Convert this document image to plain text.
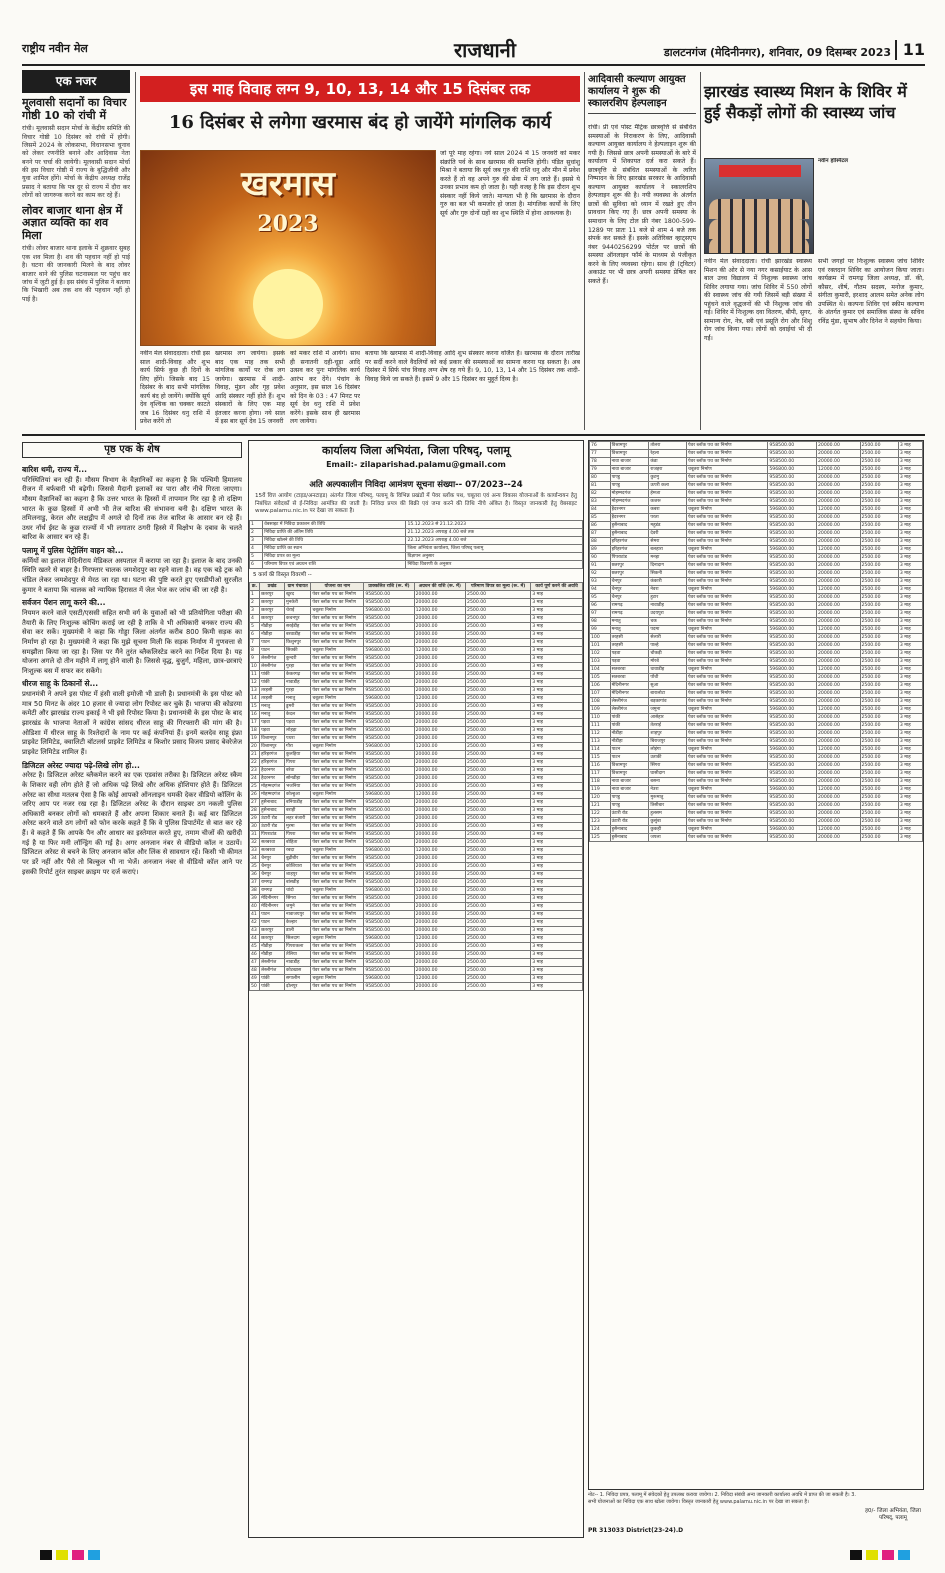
राष्ट्रीय नवीन मेल	राजधानी	डालटनगंज (मेदिनीनगर), शनिवार, 09 दिसम्बर 2023 11
एक नजर
मूलवासी सदानों का विचार गोष्ठी 10 को रांची में

रांची। मूलवासी सदान मोर्चा के केंद्रीय समिति की विचार गोष्ठी 10 दिसंबर को रांची में होगी। जिसमें 2024 के लोकसभा, विधानसभा चुनाव को लेकर रणनीति बनाने और आदिवास नेता बनने पर चर्चा की जायेगी। मूलवासी सदान मोर्चा की इस विचार गोष्ठी में राज्य के बुद्धिजीवी और युवा शामिल होंगे। मोर्चा के केंद्रीय अध्यक्ष राजेंद्र प्रसाद ने बताया कि पत्र दूर से राज्य में दौरा कर लोगों को जागरूक करने का काम कर रहे हैं।

लोवर बाजार थाना क्षेत्र में अज्ञात व्यक्ति का शव मिला

रांची। लोवर बाजार थाना इलाके में शुक्रवार सुबह एक शव मिला है। शव की पहचान नहीं हो पाई है। घटना की जानकारी मिलने के बाद लोवर बाजार थाने की पुलिस घटनास्थल पर पहुंच कर जांच में जुटी हुई है। इस संबंध में पुलिस ने बताया कि भिखारी अब तक शव की पहचान नहीं हो पाई है।

इस माह विवाह लग्न 9, 10, 13, 14 और 15 दिसंबर तक
16 दिसंबर से लगेगा खरमास बंद हो जायेंगे मांगलिक कार्य
खरमास
2023

जो पूरे माह रहेगा। नये साल 2024 में 15 जनवरी को मकर संक्रांति पर्व के साथ खरमास की समाप्ति होगी। पंडित सुधांशु मिश्रा ने बताया कि सूर्य जब गुरु की राशि धनु और मीन में प्रवेश करते हैं तो वह अपने गुरु की सेवा में लग जाते हैं। इससे ये उनका प्रभाव कम हो जाता है। यही वजह है कि इस दौरान शुभ संस्कार नहीं किये जाते। मान्यता भी है कि खरमास के दौरान गुरु का बल भी कमजोर हो जाता है। मांगलिक कार्यों के लिए सूर्य और गुरु दोनों ग्रहों का शुभ स्थिति में होना आवश्यक है।

नवीन मेल संवाददाता। रांची इस साल शादी-विवाह और शुभ कार्य सिर्फ कुछ ही दिनों के लिए होंगे। जिसके बाद 15 दिसंबर के बाद सभी मांगलिक कार्य बंद हो जायेंगे। क्योंकि सूर्य देव वृश्चिक का चक्कर काटते जब 16 दिसंबर धनु राशि में प्रवेश करेंगे तो

खरमास लग जायेगा। इसके बाद एक माह तक सभी मांगलिक कार्यों पर रोक लग जायेगा। खरमास में शादी-विवाह, मुंडन और गृह प्रवेश आदि संस्कार नहीं होते हैं। शुभ संस्कारों के लिए एक माह इंतजार करना होगा। नये साल में इस बार सूर्य देव 15 जनवरी

को मकर राशि में आयेंगे। साथ ही सनातनी दही-चूड़ा आदि उत्सव कर पुनः मांगलिक कार्य आरंभ कर देंगे। पंचांग के अनुसार, इस साल 16 दिसंबर को दिन के 03 : 47 मिनट पर सूर्य देव धनु राशि में प्रवेश करेंगे। इसके साथ ही खरमास लग जायेगा।

बताया कि खरमास में शादी-विवाह आदि शुभ संस्कार करना वर्जित है। खरमास के दौरान तारीख पर सर्दी करने वाले वैदलियों को कई प्रकार की समस्याओं का सामना करना पड़ सकता है। अब दिसंबर में सिर्फ पांच विवाह लग्न शेष रह गये हैं। 9, 10, 13, 14 और 15 दिसंबर तक शादी-विवाह किये जा सकते हैं। इसमें 9 और 15 दिसंबर का मुहूर्त दिव्य है।

आदिवासी कल्याण आयुक्त कार्यालय ने शुरू की स्कालरशिप हेल्पलाइन

रांची। प्री एवं पोस्ट मैट्रिक छात्रवृत्ति से संबंधित समस्याओं के निराकरण के लिए, आदिवासी कल्याण आयुक्त कार्यालय ने हेल्पलाइन शुरू की गयी है। जिससे छात्र अपनी समस्याओं के बारे में कार्यालय में शिकायत दर्ज करा सकते हैं। छात्रवृत्ति से संबंधित समस्याओं के त्वरित निष्पादन के लिए झारखंड सरकार के आदिवासी कल्याण आयुक्त कार्यालय ने स्कालरशिप हेल्पलाइन शुरू की है। नयी व्यवस्था के अंतर्गत छात्रों की सुविधा को ध्यान में रखते हुए तीन प्रावधान किए गए हैं। छात्र अपनी समस्या के समाधान के लिए टोल फ्री नंबर 1800-599-1289 पर प्रातः 11 बजे से शाम 4 बजे तक संपर्क कर सकते हैं। इसके अतिरिक्त व्हाट्सएप नंबर 9440256299 पोर्टल पर छात्रों की समस्या ऑनलाइन फॉर्म के माध्यम से पंजीकृत करने के लिए व्यवस्था रहेगा। साथ ही (ट्विटर) अकाउंट पर भी छात्र अपनी समस्या प्रेषित कर सकते हैं।

झारखंड स्वास्थ्य मिशन के शिविर में हुई सैकड़ों लोगों की स्वास्थ्य जांच

नवीन हॉस्पिटल

नवीन मेल संवाददाता। रांची झारखंड स्वास्थ्य मिशन की ओर से नया नगर कसाईयाट के आस बाल उच्च विद्यालय में निशुल्क स्वास्थ्य जांच शिविर लगाया गया। जांच शिविर में 550 लोगों की स्वास्थ्य जांच की गयी जिसमें बड़ी संख्या में पहुंचने वाले वृद्धजनों की भी निशुल्क जांच की गई। शिविर में निःशुल्क दवा वितरण, बीपी, सुगर, सामान्य रोग, नेत्र, स्त्री एवं प्रसूति रोग और शिशु रोग जांच किया गया। लोगों को दवाईयां भी दी गईं।

सभी जगहों पर निःशुल्क स्वास्थ्य जांच शिविर एवं रक्तदान शिविर का आयोजन किया जाता। कार्यक्रम में रामगढ़ जिला अध्यक्ष, डॉ. की, कौसर, शीर्ष, गौतम सदस्य, मनोज कुमार, संगीता कुमारी, इरशाद आलम समेत अनेक लोग उपस्थित थे। कल्पना शिविर एवं स्कीम कल्याण के अंतर्गत कुमार एवं समाजिक संस्था के सचिव रविंद्र मुंडा, सुभाष और दिनेश ने सहयोग किया।

पृष्ठ एक के शेष
बारिश थमी, राज्य में...

परिस्थितियां बन रही हैं। मौसम विभाग के वैज्ञानिकों का कहना है कि पश्चिमी हिमालय रीजन में बर्फबारी भी बढ़ेगी। जिससे मैदानी इलाकों का पारा और नीचे गिरता जाएगा। मौसम वैज्ञानिकों का कहना है कि उत्तर भारत के हिस्सों में तापमान गिर रहा है तो दक्षिण भारत के कुछ हिस्सों में अभी भी तेज बारिश की संभावना बनी है। दक्षिण भारत के तमिलनाडु, केरल और लक्षद्वीप में अगले दो दिनों तक तेज बारिश के आसार बन रहे हैं। उधर नॉर्थ ईस्ट के कुछ राज्यों में भी लगातार ठगरी हिस्से में विक्षोभ के दबाव के चलते बारिश के आसार बन रहे हैं।

पलामू में पुलिस पेट्रोलिंग वाहन को...

कर्मियों का इलाज मेदिनीराय मेडिकल अस्पताल में कराया जा रहा है। इलाज के बाद उनकी स्थिति खतरे से बाहर है। गिरफ्तार चालक जमशेदपुर का रहने वाला है। वह एक बड़े ट्रक को चंडिल लेकर जमशेदपुर से मेरठ जा रहा था। घटना की पुष्टि करते हुए एसडीपीओ सुरजीत कुमार ने बताया कि चालक को न्यायिक हिरासत में जेल भेज कर जांच की जा रही है।

सर्वजन पेंशन लागू करने की...

नियमन करने वाले एसटी/एससी सहित सभी वर्ग के युवाओं को भी प्रतियोगिता परीक्षा की तैयारी के लिए निःशुल्क कोचिंग कराई जा रही है ताकि वे भी अधिकारी बनकर राज्य की सेवा कर सकें। मुख्यमंत्री ने कहा कि गोड्डा जिला अंतर्गत करीब 800 किमी सड़क का निर्माण हो रहा है। मुख्यमंत्री ने कहा कि मुझे सूचना मिली कि सड़क निर्माण में गुणवत्ता से समझौता किया जा रहा है। जिस पर मैंने तुरंत ब्लैकलिस्टेड करने का निर्देश दिया है। यह योजना अगले दो तीन महीने में लागू होने वाली है। जिससे वृद्ध, बुजुर्ग, महिला, छात्र-छात्राएं निःशुल्क बस में सफर कर सकेंगे।

धीरज साहू के ठिकानों से...

प्रधानमंत्री ने अपने इस पोस्ट में हंसी वाली इमोजी भी डाली है। प्रधानमंत्री के इस पोस्ट को मात्र 50 मिनट के अंदर 10 हजार से ज्यादा लोग रिपोस्ट कर चुके हैं। भाजपा की कोडरमा कमेटी और झारखंड राज्य इकाई ने भी इसे रिपोस्ट किया है। प्रधानमंत्री के इस पोस्ट के बाद झारखंड के भाजपा नेताओं ने कांग्रेस सांसद धीरज साहू की गिरफ्तारी की मांग की है। ओडिशा में धीरज साहू के रिश्तेदारों के नाम पर कई कंपनियां हैं। इनमें बलदेव साहू इंफ्रा प्राइवेट लिमिटेड, क्वालिटी बॉटलर्स प्राइवेट लिमिटेड व किशोर प्रसाद विजय प्रसाद बेवरेजेज प्राइवेट लिमिटेड शामिल हैं।

डिजिटल अरेस्ट ज्यादा पढ़े-लिखे लोग हो...

अरेस्ट है। डिजिटल अरेस्ट ब्लैकमेल करने का एक एडवांस तरीका है। डिजिटल अरेस्ट स्कैम के शिकार वही लोग होते हैं जो अधिक पढ़े लिखे और अधिक होशियार होते हैं। डिजिटल अरेस्ट का सीधा मतलब ऐसा है कि कोई आपको ऑनलाइन धमकी देकर वीडियो कॉलिंग के जरिए आप पर नजर रख रहा है। डिजिटल अरेस्ट के दौरान साइबर ठग नकली पुलिस अधिकारी बनकर लोगों को धमकाते हैं और अपना शिकार बनाते हैं। कई बार डिजिटल अरेस्ट करने वाले ठग लोगों को फोन करके कहते हैं कि वे पुलिस डिपार्टमेंट से बात कर रहे हैं। वे कहते हैं कि आपके पैन और आधार का इस्तेमाल करते हुए, तमाम चीजों की खरीदी गई है या फिर मनी लॉन्ड्रिंग की गई है। अगर अनजान नंबर से वीडियो कॉल न उठायें। डिजिटल अरेस्ट से बचने के लिए अनजान कॉल और लिंक से सावधान रहें। किसी भी कीमत पर डरें नहीं और पैसे तो बिल्कुल भी ना भेजें। अनजान नंबर से वीडियो कॉल आने पर इसकी रिपोर्ट तुरंत साइबर क्राइम पर दर्ज कराएं।

कार्यालय जिला अभियंता, जिला परिषद्, पलामू
Email:- zilaparishad.palamu@gmail.com
अति अल्पकालीन निविदा आमंत्रण सूचना संख्या-- 07/2023--24
15वें वित्त आयोग (टाइड/अनटाइड) अंतर्गत जिला परिषद्, पलामू के विभिन्न प्रखंडों में पेवर ब्लॉक पथ, चबूतरा एवं अन्य विकास योजनाओं के कार्यान्वयन हेतु निबंधित संवेदकों से ई-निविदा आमंत्रित की जाती है। निविदा प्रपत्र की बिक्री एवं जमा करने की तिथि नीचे अंकित है। विस्तृत जानकारी हेतु वेबसाइट www.palamu.nic.in पर देखा जा सकता है।
1	वेबसाइट में निविदा प्रकाशन की तिथि	15.12.2023 से 21.12.2023
2	निविदा प्राप्ति की अंतिम तिथि	21.12.2023 अपराह्न 4.00 बजे तक
3	निविदा खोलने की तिथि	22.12.2023 अपराह्न 4.00 बजे
4	निविदा प्राप्ति का स्थान	जिला अभियंता कार्यालय, जिला परिषद् पलामू
5	निविदा प्रपत्र का मूल्य	विज्ञापन अनुसार
6	परिमाण विपत्र एवं अग्रधन राशि	निविदा विवरणी के अनुसार
5 कार्य की विस्तृत विवरणी --
क्र.	प्रखंड	ग्राम पंचायत	योजना का नाम	प्राक्कलित राशि (रू. में)	अग्रधन की राशि (रू. में)	परिमाण विपत्र का मूल्य (रू. में)	कार्य पूर्ण करने की अवधि
1	छतरपुर	खुरद	पेवर ब्लॉक पथ का निर्माण	958500.00	20000.00	2500.00	3 माह
2	छतरपुर	मुनकेरी	पेवर ब्लॉक पथ का निर्माण	958500.00	20000.00	2500.00	3 माह
3	छतरपुर	चेराई	चबूतरा निर्माण	596800.00	12000.00	2500.00	3 माह
4	छतरपुर	कचनपुर	पेवर ब्लॉक पथ का निर्माण	958500.00	20000.00	2500.00	3 माह
5	नौडीहा	सरईडीह	पेवर ब्लॉक पथ का निर्माण	958500.00	20000.00	2500.00	3 माह
6	नौडीहा	बरवाडीह	पेवर ब्लॉक पथ का निर्माण	958500.00	20000.00	2500.00	3 माह
7	पाटन	किशुनपुर	पेवर ब्लॉक पथ का निर्माण	958500.00	20000.00	2500.00	3 माह
8	पाटन	सिक्की	चबूतरा निर्माण	596800.00	12000.00	2500.00	3 माह
9	लेस्लीगंज	कुन्दरी	पेवर ब्लॉक पथ का निर्माण	958500.00	20000.00	2500.00	3 माह
10	लेस्लीगंज	गुरहा	पेवर ब्लॉक पथ का निर्माण	958500.00	20000.00	2500.00	3 माह
11	पांकी	केकरगढ़	पेवर ब्लॉक पथ का निर्माण	958500.00	20000.00	2500.00	3 माह
12	पांकी	नावाडीह	पेवर ब्लॉक पथ का निर्माण	958500.00	20000.00	2500.00	3 माह
13	तरहसी	गुरहा	पेवर ब्लॉक पथ का निर्माण	958500.00	20000.00	2500.00	3 माह
14	तरहसी	मनातु	चबूतरा निर्माण	596800.00	12000.00	2500.00	3 माह
15	मनातु	डुमरी	पेवर ब्लॉक पथ का निर्माण	958500.00	20000.00	2500.00	3 माह
16	मनातु	केदल	पेवर ब्लॉक पथ का निर्माण	958500.00	20000.00	2500.00	3 माह
17	पड़वा	पड़वा	पेवर ब्लॉक पथ का निर्माण	958500.00	20000.00	2500.00	3 माह
18	पड़वा	लोहड़ा	पेवर ब्लॉक पथ का निर्माण	958500.00	20000.00	2500.00	3 माह
19	विश्रामपुर	पथरा	पेवर ब्लॉक पथ का निर्माण	958500.00	20000.00	2500.00	3 माह
20	विश्रामपुर	गौरा	चबूतरा निर्माण	596800.00	12000.00	2500.00	3 माह
21	हरिहरगंज	कुलहिया	पेवर ब्लॉक पथ का निर्माण	958500.00	20000.00	2500.00	3 माह
22	हरिहरगंज	पिपरा	पेवर ब्लॉक पथ का निर्माण	958500.00	20000.00	2500.00	3 माह
23	हैदरनगर	बरेवा	पेवर ब्लॉक पथ का निर्माण	958500.00	20000.00	2500.00	3 माह
24	हैदरनगर	सोनडीहा	पेवर ब्लॉक पथ का निर्माण	958500.00	20000.00	2500.00	3 माह
25	मोहम्मदगंज	भजनिया	पेवर ब्लॉक पथ का निर्माण	958500.00	20000.00	2500.00	3 माह
26	मोहम्मदगंज	कोल्हुआ	चबूतरा निर्माण	596800.00	12000.00	2500.00	3 माह
27	हुसैनाबाद	बनियाडीह	पेवर ब्लॉक पथ का निर्माण	958500.00	20000.00	2500.00	3 माह
28	हुसैनाबाद	बराही	पेवर ब्लॉक पथ का निर्माण	958500.00	20000.00	2500.00	3 माह
29	उंटारी रोड	लहर बंजारी	पेवर ब्लॉक पथ का निर्माण	958500.00	20000.00	2500.00	3 माह
30	उंटारी रोड	मुरमा	पेवर ब्लॉक पथ का निर्माण	958500.00	20000.00	2500.00	3 माह
31	पिपराटांड	पिपरा	पेवर ब्लॉक पथ का निर्माण	958500.00	20000.00	2500.00	3 माह
32	सतबरवा	बोहिता	पेवर ब्लॉक पथ का निर्माण	958500.00	20000.00	2500.00	3 माह
33	सतबरवा	रबदा	चबूतरा निर्माण	596800.00	12000.00	2500.00	3 माह
34	चैनपुर	बुढ़ीबीर	पेवर ब्लॉक पथ का निर्माण	958500.00	20000.00	2500.00	3 माह
35	चैनपुर	कोशियारा	पेवर ब्लॉक पथ का निर्माण	958500.00	20000.00	2500.00	3 माह
36	चैनपुर	शाहपुर	पेवर ब्लॉक पथ का निर्माण	958500.00	20000.00	2500.00	3 माह
37	रामगढ़	बांसडीह	पेवर ब्लॉक पथ का निर्माण	958500.00	20000.00	2500.00	3 माह
38	रामगढ़	चांदो	चबूतरा निर्माण	596800.00	12000.00	2500.00	3 माह
39	मेदिनीनगर	सिंगरा	पेवर ब्लॉक पथ का निर्माण	958500.00	20000.00	2500.00	3 माह
40	मेदिनीनगर	जमुने	पेवर ब्लॉक पथ का निर्माण	958500.00	20000.00	2500.00	3 माह
41	पाटन	नावाजयपुर	पेवर ब्लॉक पथ का निर्माण	958500.00	20000.00	2500.00	3 माह
42	पाटन	केल्हार	पेवर ब्लॉक पथ का निर्माण	958500.00	20000.00	2500.00	3 माह
43	छतरपुर	डाली	पेवर ब्लॉक पथ का निर्माण	958500.00	20000.00	2500.00	3 माह
44	छतरपुर	सिलदाग	चबूतरा निर्माण	596800.00	12000.00	2500.00	3 माह
45	नौडीहा	पिपराकला	पेवर ब्लॉक पथ का निर्माण	958500.00	20000.00	2500.00	3 माह
46	नौडीहा	तेलिया	पेवर ब्लॉक पथ का निर्माण	958500.00	20000.00	2500.00	3 माह
47	लेस्लीगंज	नावाडीह	पेवर ब्लॉक पथ का निर्माण	958500.00	20000.00	2500.00	3 माह
48	लेस्लीगंज	कोटखास	पेवर ब्लॉक पथ का निर्माण	958500.00	20000.00	2500.00	3 माह
49	पांकी	सगालीम	चबूतरा निर्माण	596800.00	12000.00	2500.00	3 माह
50	पांकी	ढ़ोलपुर	पेवर ब्लॉक पथ का निर्माण	958500.00	20000.00	2500.00	3 माह
76	विश्रामपुर	तोलरा	पेवर ब्लॉक पथ का निर्माण	958500.00	20000.00	2500.00	3 माह
77	विश्रामपुर	रेहला	पेवर ब्लॉक पथ का निर्माण	958500.00	20000.00	2500.00	3 माह
78	नावा बाजार	कंडा	पेवर ब्लॉक पथ का निर्माण	958500.00	20000.00	2500.00	3 माह
79	नावा बाजार	राजहरा	चबूतरा निर्माण	596800.00	12000.00	2500.00	3 माह
80	पाण्डु	कुटमु	पेवर ब्लॉक पथ का निर्माण	958500.00	20000.00	2500.00	3 माह
81	पाण्डु	ऊपरी कला	पेवर ब्लॉक पथ का निर्माण	958500.00	20000.00	2500.00	3 माह
82	मोहम्मदगंज	हेमजा	पेवर ब्लॉक पथ का निर्माण	958500.00	20000.00	2500.00	3 माह
83	मोहम्मदगंज	कजरू	पेवर ब्लॉक पथ का निर्माण	958500.00	20000.00	2500.00	3 माह
84	हैदरनगर	कबरा	चबूतरा निर्माण	596800.00	12000.00	2500.00	3 माह
85	हैदरनगर	परता	पेवर ब्लॉक पथ का निर्माण	958500.00	20000.00	2500.00	3 माह
86	हुसैनाबाद	महुडंड	पेवर ब्लॉक पथ का निर्माण	958500.00	20000.00	2500.00	3 माह
87	हुसैनाबाद	देवरी	पेवर ब्लॉक पथ का निर्माण	958500.00	20000.00	2500.00	3 माह
88	हरिहरगंज	सेमरा	पेवर ब्लॉक पथ का निर्माण	958500.00	20000.00	2500.00	3 माह
89	हरिहरगंज	बलहारा	चबूतरा निर्माण	596800.00	12000.00	2500.00	3 माह
90	पिपराटांड	मनहा	पेवर ब्लॉक पथ का निर्माण	958500.00	20000.00	2500.00	3 माह
91	छतरपुर	दिनादाग	पेवर ब्लॉक पथ का निर्माण	958500.00	20000.00	2500.00	3 माह
92	छतरपुर	सिकनी	पेवर ब्लॉक पथ का निर्माण	958500.00	20000.00	2500.00	3 माह
93	चैनपुर	कंकारी	पेवर ब्लॉक पथ का निर्माण	958500.00	20000.00	2500.00	3 माह
94	चैनपुर	नेवरा	चबूतरा निर्माण	596800.00	12000.00	2500.00	3 माह
95	चैनपुर	हुटार	पेवर ब्लॉक पथ का निर्माण	958500.00	20000.00	2500.00	3 माह
96	रामगढ़	नावाडीह	पेवर ब्लॉक पथ का निर्माण	958500.00	20000.00	2500.00	3 माह
97	रामगढ़	उदयपुरा	पेवर ब्लॉक पथ का निर्माण	958500.00	20000.00	2500.00	3 माह
98	मनातु	चक	पेवर ब्लॉक पथ का निर्माण	958500.00	20000.00	2500.00	3 माह
99	मनातु	पदमा	चबूतरा निर्माण	596800.00	12000.00	2500.00	3 माह
100	तरहसी	सेलारी	पेवर ब्लॉक पथ का निर्माण	958500.00	20000.00	2500.00	3 माह
101	तरहसी	पाल्हे	पेवर ब्लॉक पथ का निर्माण	958500.00	20000.00	2500.00	3 माह
102	पड़वा	चौकड़ी	पेवर ब्लॉक पथ का निर्माण	958500.00	20000.00	2500.00	3 माह
103	पड़वा	मोरबे	पेवर ब्लॉक पथ का निर्माण	958500.00	20000.00	2500.00	3 माह
104	सतबरवा	धावाडीह	चबूतरा निर्माण	596800.00	12000.00	2500.00	3 माह
105	सतबरवा	पोंची	पेवर ब्लॉक पथ का निर्माण	958500.00	20000.00	2500.00	3 माह
106	मेदिनीनगर	सुआ	पेवर ब्लॉक पथ का निर्माण	958500.00	20000.00	2500.00	3 माह
107	मेदिनीनगर	बारालोटा	पेवर ब्लॉक पथ का निर्माण	958500.00	20000.00	2500.00	3 माह
108	लेस्लीगंज	बड़कागांव	पेवर ब्लॉक पथ का निर्माण	958500.00	20000.00	2500.00	3 माह
109	लेस्लीगंज	जमुना	चबूतरा निर्माण	596800.00	12000.00	2500.00	3 माह
110	पांकी	आसेहार	पेवर ब्लॉक पथ का निर्माण	958500.00	20000.00	2500.00	3 माह
111	पांकी	तेतराई	पेवर ब्लॉक पथ का निर्माण	958500.00	20000.00	2500.00	3 माह
112	नौडीहा	शाहपुर	पेवर ब्लॉक पथ का निर्माण	958500.00	20000.00	2500.00	3 माह
113	नौडीहा	बिराजपुर	पेवर ब्लॉक पथ का निर्माण	958500.00	20000.00	2500.00	3 माह
114	पाटन	लोइंगा	चबूतरा निर्माण	596800.00	12000.00	2500.00	3 माह
115	पाटन	उताकी	पेवर ब्लॉक पथ का निर्माण	958500.00	20000.00	2500.00	3 माह
116	विश्रामपुर	सिंगरा	पेवर ब्लॉक पथ का निर्माण	958500.00	20000.00	2500.00	3 माह
117	विश्रामपुर	घासीदाग	पेवर ब्लॉक पथ का निर्माण	958500.00	20000.00	2500.00	3 माह
118	नावा बाजार	बसना	पेवर ब्लॉक पथ का निर्माण	958500.00	20000.00	2500.00	3 माह
119	नावा बाजार	नेउरा	चबूतरा निर्माण	596800.00	12000.00	2500.00	3 माह
120	पाण्डु	मुरूमातु	पेवर ब्लॉक पथ का निर्माण	958500.00	20000.00	2500.00	3 माह
121	पाण्डु	तिसीबार	पेवर ब्लॉक पथ का निर्माण	958500.00	20000.00	2500.00	3 माह
122	उंटारी रोड	हुलसम	पेवर ब्लॉक पथ का निर्माण	958500.00	20000.00	2500.00	3 माह
123	उंटारी रोड	कुसुंबा	पेवर ब्लॉक पथ का निर्माण	958500.00	20000.00	2500.00	3 माह
124	हुसैनाबाद	कुकही	चबूतरा निर्माण	596800.00	12000.00	2500.00	3 माह
125	हुसैनाबाद	जपला	पेवर ब्लॉक पथ का निर्माण	958500.00	20000.00	2500.00	3 माह
नोट-- 1. निविदा प्रपत्र, पलामू में संवेदकों हेतु उपलब्ध कराया जायेगा। 2. निविदा संबंधी अन्य जानकारी कार्यालय अवधि में प्राप्त की जा सकती है। 3. सभी योजनाओं का निविदा एक साथ खोला जायेगा। विस्तृत जानकारी हेतु www.palamu.nic.in पर देखा जा सकता है।
PR 313033 District(23-24).D
ह0/- जिला अभियंता, जिला परिषद्, पलामू
